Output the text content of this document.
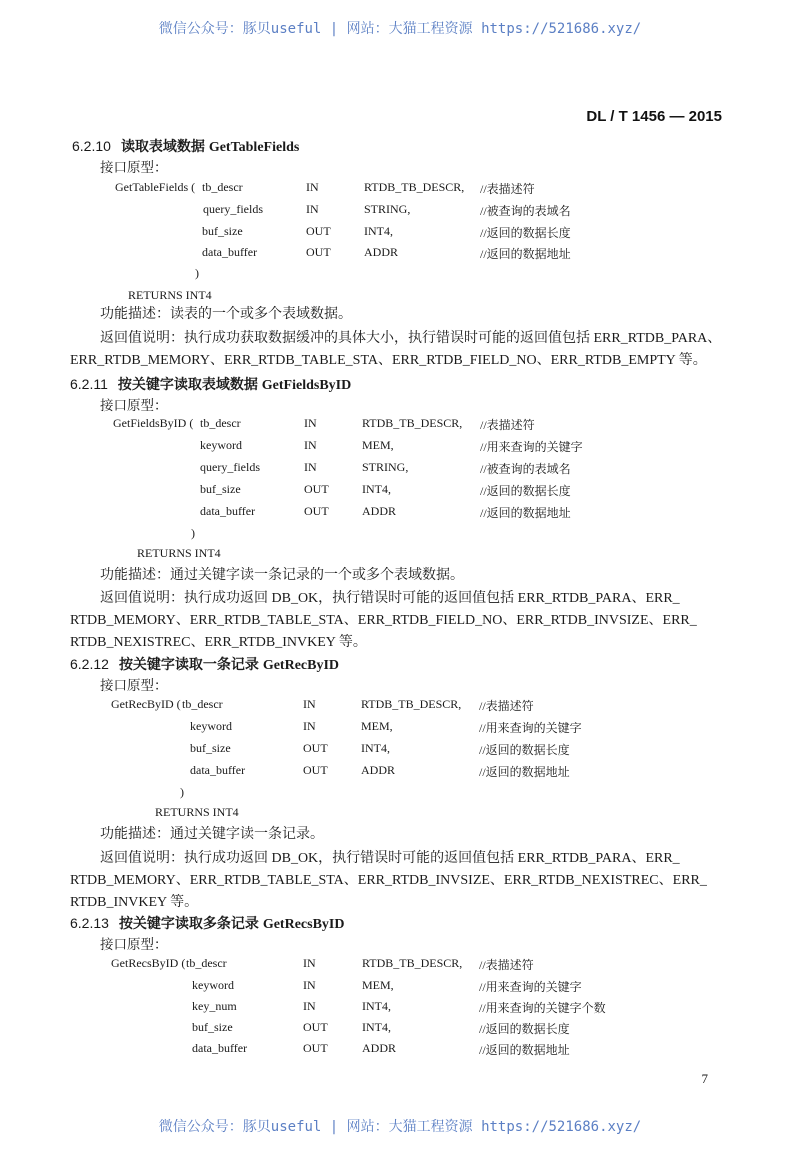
微信公众号：豚贝useful | 网站：大猫工程资源 https://521686.xyz/
DL / T 1456 — 2015
6.2.10 读取表域数据 GetTableFields
接口原型：
GetTableFields ( tb_descr	IN	RTDB_TB_DESCR, //表描述符
query_fields	IN	STRING,	//被查询的表域名
buf_size	OUT	INT4,	//返回的数据长度
data_buffer	OUT	ADDR	//返回的数据地址
)
RETURNS INT4
功能描述：读表的一个或多个表域数据。
返回值说明：执行成功获取数据缓冲的具体大小，执行错误时可能的返回值包括 ERR_RTDB_PARA、
ERR_RTDB_MEMORY、ERR_RTDB_TABLE_STA、ERR_RTDB_FIELD_NO、ERR_RTDB_EMPTY 等。
6.2.11 按关键字读取表域数据 GetFieldsByID
接口原型：
GetFieldsByID ( tb_descr	IN	RTDB_TB_DESCR, //表描述符
keyword	IN	MEM,	//用来查询的关键字
query_fields	IN	STRING,	//被查询的表域名
buf_size	OUT	INT4,	//返回的数据长度
data_buffer	OUT	ADDR	//返回的数据地址
)
RETURNS INT4
功能描述：通过关键字读一条记录的一个或多个表域数据。
返回值说明：执行成功返回 DB_OK，执行错误时可能的返回值包括 ERR_RTDB_PARA、ERR_
RTDB_MEMORY、ERR_RTDB_TABLE_STA、ERR_RTDB_FIELD_NO、ERR_RTDB_INVSIZE、ERR_
RTDB_NEXISTREC、ERR_RTDB_INVKEY 等。
6.2.12 按关键字读取一条记录 GetRecByID
接口原型：
GetRecByID ( tb_descr	IN	RTDB_TB_DESCR, //表描述符
keyword	IN	MEM,	//用来查询的关键字
buf_size	OUT	INT4,	//返回的数据长度
data_buffer	OUT	ADDR	//返回的数据地址
)
RETURNS INT4
功能描述：通过关键字读一条记录。
返回值说明：执行成功返回 DB_OK，执行错误时可能的返回值包括 ERR_RTDB_PARA、ERR_
RTDB_MEMORY、ERR_RTDB_TABLE_STA、ERR_RTDB_INVSIZE、ERR_RTDB_NEXISTREC、ERR_
RTDB_INVKEY 等。
6.2.13 按关键字读取多条记录 GetRecsByID
接口原型：
GetRecsByID ( tb_descr	IN	RTDB_TB_DESCR, //表描述符
keyword	IN	MEM,	//用来查询的关键字
key_num	IN	INT4,	//用来查询的关键字个数
buf_size	OUT	INT4,	//返回的数据长度
data_buffer	OUT	ADDR	//返回的数据地址
7
微信公众号：豚贝useful | 网站：大猫工程资源 https://521686.xyz/
